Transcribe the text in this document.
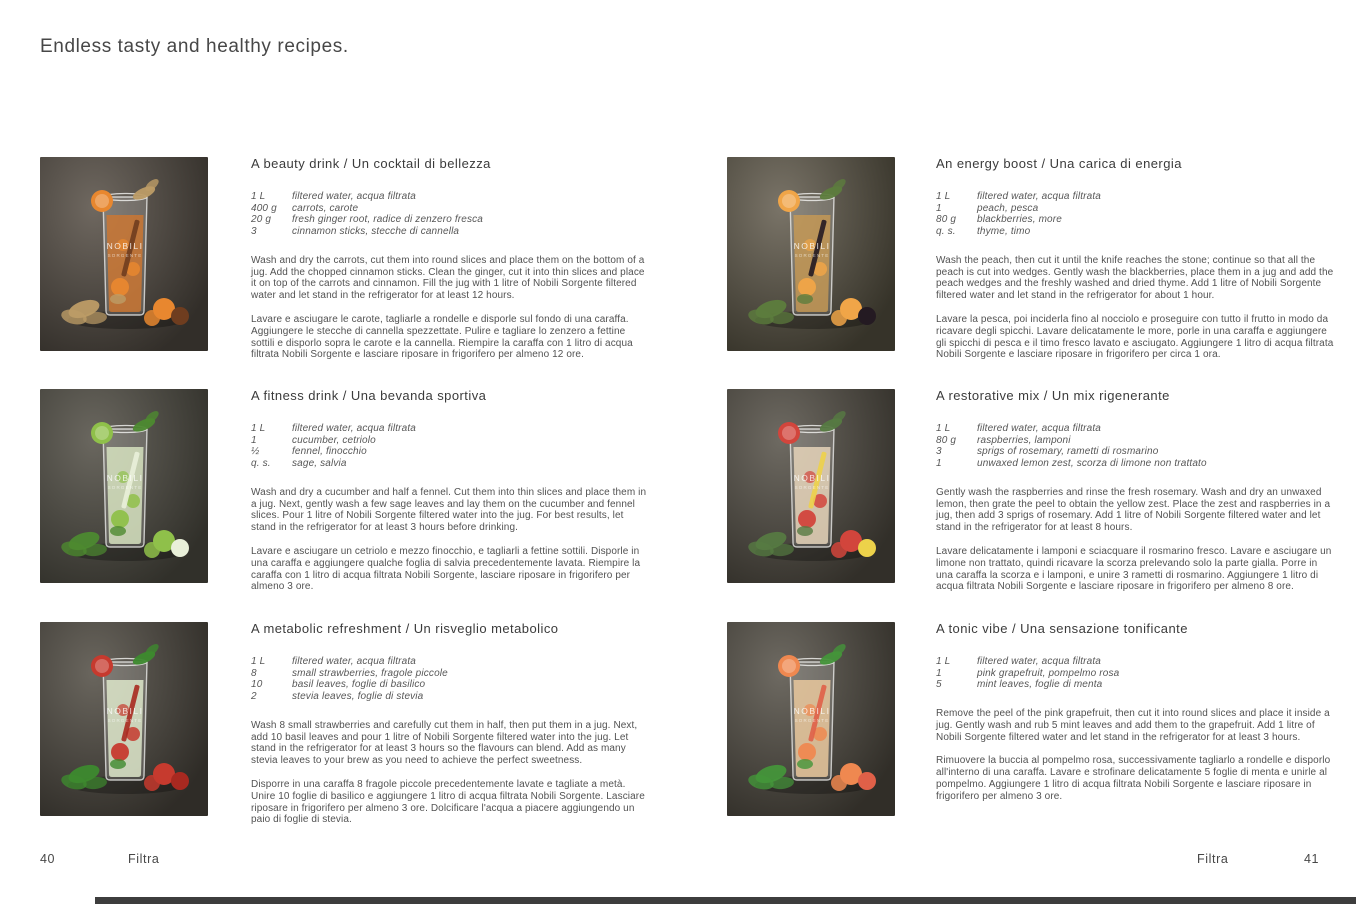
Endless tasty and healthy recipes.
NOBILI
SORGENTE
A beauty drink / Un cocktail di bellezza
1 L	filtered water, acqua filtrata
400 g	carrots, carote
20 g	fresh ginger root, radice di zenzero fresca
3	cinnamon sticks, stecche di cannella

Wash and dry the carrots, cut them into round slices and place them on the bottom of a jug. Add the chopped cinnamon sticks. Clean the ginger, cut it into thin slices and place it on top of the carrots and cinnamon. Fill the jug with 1 litre of Nobili Sorgente filtered water and let stand in the refrigerator for at least 12 hours.

Lavare e asciugare le carote, tagliarle a rondelle e disporle sul fondo di una caraffa. Aggiungere le stecche di cannella spezzettate. Pulire e tagliare lo zenzero a fettine sottili e disporlo sopra le carote e la cannella. Riempire la caraffa con 1 litro di acqua filtrata Nobili Sorgente e lasciare riposare in frigorifero per almeno 12 ore.

NOBILI
SORGENTE
A fitness drink / Una bevanda sportiva
1 L	filtered water, acqua filtrata
1	cucumber, cetriolo
½	fennel, finocchio
q. s.	sage, salvia

Wash and dry a cucumber and half a fennel. Cut them into thin slices and place them in a jug. Next, gently wash a few sage leaves and lay them on the cucumber and fennel slices. Pour 1 litre of Nobili Sorgente filtered water into the jug. For best results, let stand in the refrigerator for at least 3 hours before drinking.

Lavare e asciugare un cetriolo e mezzo finocchio, e tagliarli a fettine sottili. Disporle in una caraffa e aggiungere qualche foglia di salvia precedentemente lavata. Riempire la caraffa con 1 litro di acqua filtrata Nobili Sorgente, lasciare riposare in frigorifero per almeno 3 ore.

NOBILI
SORGENTE
A metabolic refreshment / Un risveglio metabolico
1 L	filtered water, acqua filtrata
8	small strawberries, fragole piccole
10	basil leaves, foglie di basilico
2	stevia leaves, foglie di stevia

Wash 8 small strawberries and carefully cut them in half, then put them in a jug. Next, add 10 basil leaves and pour 1 litre of Nobili Sorgente filtered water into the jug. Let stand in the refrigerator for at least 3 hours so the flavours can blend. Add as many stevia leaves to your brew as you need to achieve the perfect sweetness.

Disporre in una caraffa 8 fragole piccole precedentemente lavate e tagliate a metà. Unire 10 foglie di basilico e aggiungere 1 litro di acqua filtrata Nobili Sorgente. Lasciare riposare in frigorifero per almeno 3 ore. Dolcificare l'acqua a piacere aggiungendo un paio di foglie di stevia.

NOBILI
SORGENTE
An energy boost / Una carica di energia
1 L	filtered water, acqua filtrata
1	peach, pesca
80 g	blackberries, more
q. s.	thyme, timo

Wash the peach, then cut it until the knife reaches the stone; continue so that all the peach is cut into wedges. Gently wash the blackberries, place them in a jug and add the peach wedges and the freshly washed and dried thyme. Add 1 litre of Nobili Sorgente filtered water and let stand in the refrigerator for about 1 hour.

Lavare la pesca, poi inciderla fino al nocciolo e proseguire con tutto il frutto in modo da ricavare degli spicchi. Lavare delicatamente le more, porle in una caraffa e aggiungere gli spicchi di pesca e il timo fresco lavato e asciugato. Aggiungere 1 litro di acqua filtrata Nobili Sorgente e lasciare riposare in frigorifero per circa 1 ora.

NOBILI
SORGENTE
A restorative mix / Un mix rigenerante
1 L	filtered water, acqua filtrata
80 g	raspberries, lamponi
3	sprigs of rosemary, rametti di rosmarino
1	unwaxed lemon zest, scorza di limone non trattato

Gently wash the raspberries and rinse the fresh rosemary. Wash and dry an unwaxed lemon, then grate the peel to obtain the yellow zest. Place the zest and raspberries in a jug, then add 3 sprigs of rosemary. Add 1 litre of Nobili Sorgente filtered water and let stand in the refrigerator for at least 8 hours.

Lavare delicatamente i lamponi e sciacquare il rosmarino fresco. Lavare e asciugare un limone non trattato, quindi ricavare la scorza prelevando solo la parte gialla. Porre in una caraffa la scorza e i lamponi, e unire 3 rametti di rosmarino. Aggiungere 1 litro di acqua filtrata Nobili Sorgente e lasciare riposare in frigorifero per almeno 8 ore.

NOBILI
SORGENTE
A tonic vibe / Una sensazione tonificante
1 L	filtered water, acqua filtrata
1	pink grapefruit, pompelmo rosa
5	mint leaves, foglie di menta

Remove the peel of the pink grapefruit, then cut it into round slices and place it inside a jug. Gently wash and rub 5 mint leaves and add them to the grapefruit. Add 1 litre of Nobili Sorgente filtered water and let stand in the refrigerator for at least 3 hours.

Rimuovere la buccia al pompelmo rosa, successivamente tagliarlo a rondelle e disporlo all'interno di una caraffa. Lavare e strofinare delicatamente 5 foglie di menta e unirle al pompelmo. Aggiungere 1 litro di acqua filtrata Nobili Sorgente e lasciare riposare in frigorifero per almeno 3 ore.

40	Filtra	Filtra	41
